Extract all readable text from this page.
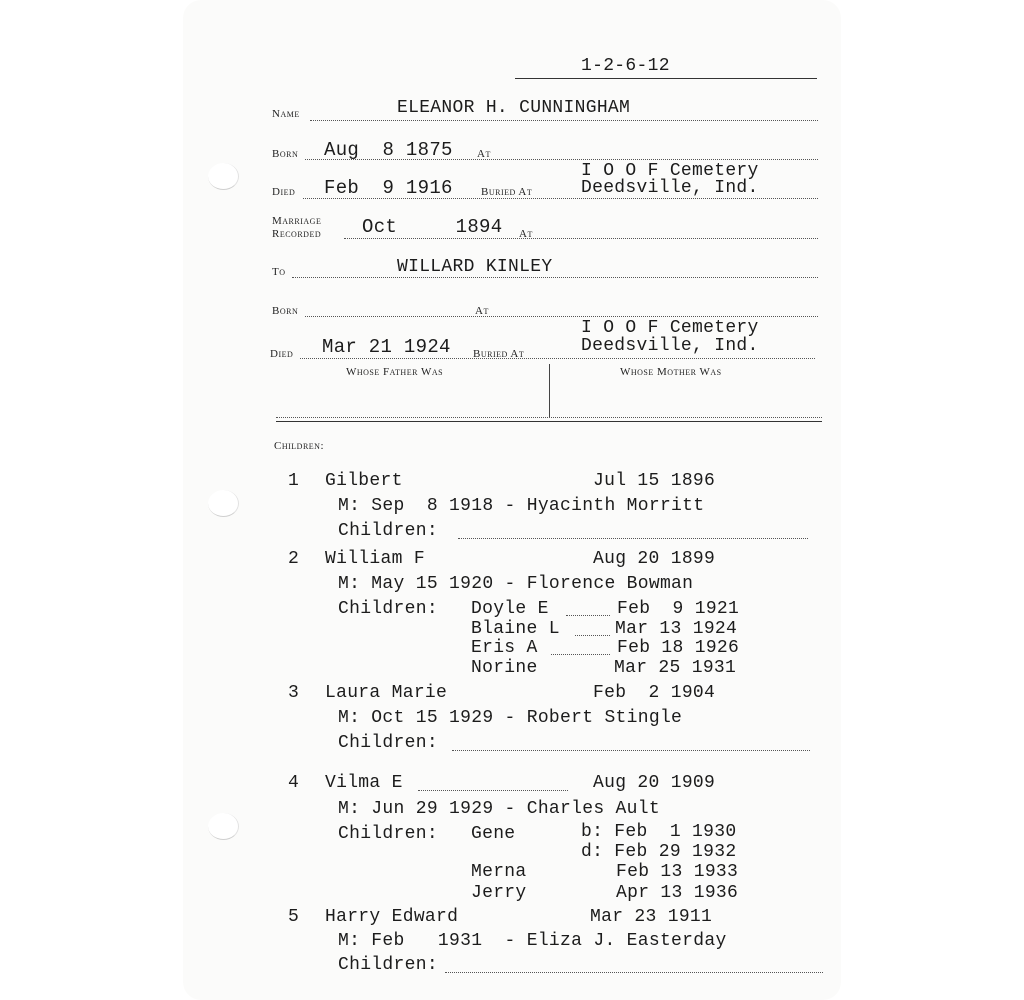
1-2-6-12
Name	ELEANOR H. CUNNINGHAM
Born Aug  8 1875 At
Died Feb  9 1916	Buried At
I O O F Cemetery
Deedsville, Ind.
Marriage
Recorded Oct     1894 At
To	WILLARD KINLEY
Born	At
Died Mar 21 1924 Buried At
I O O F Cemetery
Deedsville, Ind.
Whose Father Was	Whose Mother Was
Children:
1 Gilbert	Jul 15 1896
M: Sep  8 1918 - Hyacinth Morritt
Children:
2 William F	Aug 20 1899
M: May 15 1920 - Florence Bowman
Children: Doyle E	Feb  9 1921
Blaine L	Mar 13 1924
Eris A	Feb 18 1926
Norine	Mar 25 1931
3 Laura Marie	Feb  2 1904
M: Oct 15 1929 - Robert Stingle
Children:
4 Vilma E	Aug 20 1909
M: Jun 29 1929 - Charles Ault
Children: Gene	b: Feb  1 1930
d: Feb 29 1932
Merna	Feb 13 1933
Jerry	Apr 13 1936
5 Harry Edward	Mar 23 1911
M: Feb   1931  - Eliza J. Easterday
Children:
